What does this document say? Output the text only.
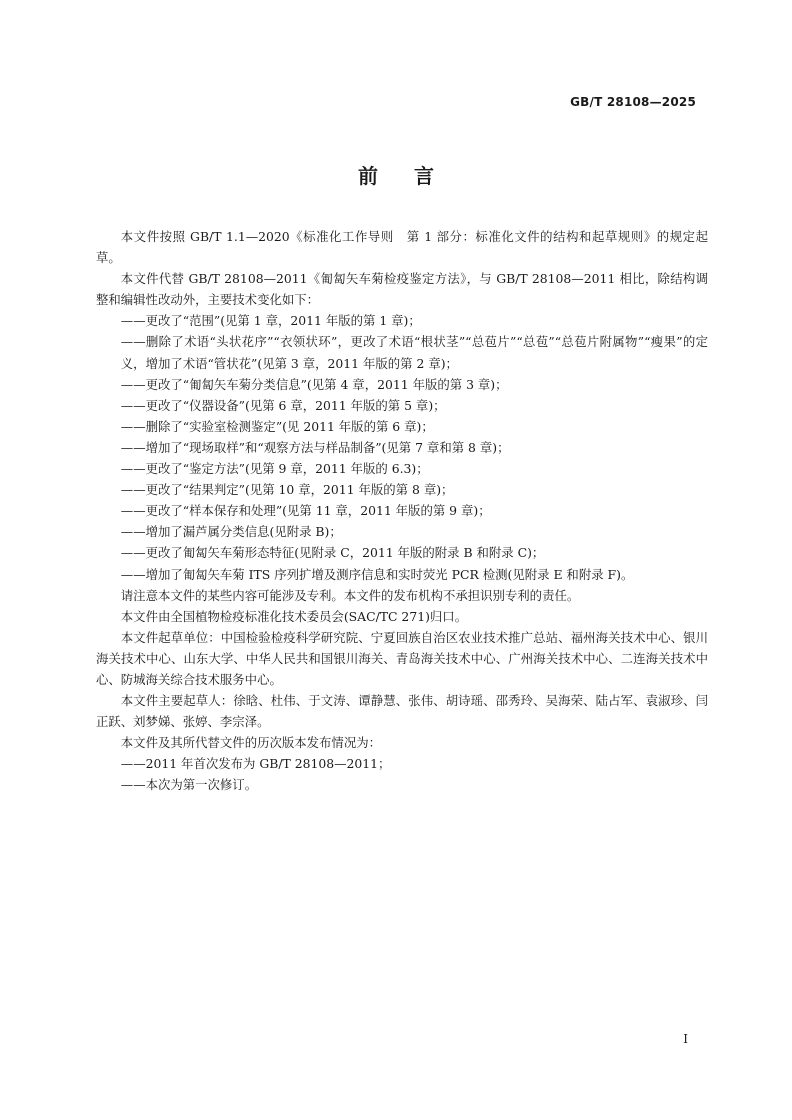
GB/T 28108—2025
前 言

本文件按照 GB/T 1.1—2020《标准化工作导则　第 1 部分：标准化文件的结构和起草规则》的规定起草。

本文件代替 GB/T 28108—2011《匍匐矢车菊检疫鉴定方法》，与 GB/T 28108—2011 相比，除结构调整和编辑性改动外，主要技术变化如下：

——更改了“范围”(见第 1 章，2011 年版的第 1 章)；

——删除了术语“头状花序”“衣领状环”，更改了术语“根状茎”“总苞片”“总苞”“总苞片附属物”“瘦果”的定义，增加了术语“管状花”(见第 3 章，2011 年版的第 2 章)；

——更改了“匍匐矢车菊分类信息”(见第 4 章，2011 年版的第 3 章)；

——更改了“仪器设备”(见第 6 章，2011 年版的第 5 章)；

——删除了“实验室检测鉴定”(见 2011 年版的第 6 章)；

——增加了“现场取样”和“观察方法与样品制备”(见第 7 章和第 8 章)；

——更改了“鉴定方法”(见第 9 章，2011 年版的 6.3)；

——更改了“结果判定”(见第 10 章，2011 年版的第 8 章)；

——更改了“样本保存和处理”(见第 11 章，2011 年版的第 9 章)；

——增加了漏芦属分类信息(见附录 B)；

——更改了匍匐矢车菊形态特征(见附录 C，2011 年版的附录 B 和附录 C)；

——增加了匍匐矢车菊 ITS 序列扩增及测序信息和实时荧光 PCR 检测(见附录 E 和附录 F)。

请注意本文件的某些内容可能涉及专利。本文件的发布机构不承担识别专利的责任。

本文件由全国植物检疫标准化技术委员会(SAC/TC 271)归口。

本文件起草单位：中国检验检疫科学研究院、宁夏回族自治区农业技术推广总站、福州海关技术中心、银川海关技术中心、山东大学、中华人民共和国银川海关、青岛海关技术中心、广州海关技术中心、二连海关技术中心、防城海关综合技术服务中心。

本文件主要起草人：徐晗、杜伟、于文涛、谭静慧、张伟、胡诗瑶、邵秀玲、吴海荣、陆占军、袁淑珍、闫正跃、刘梦娣、张婷、李宗泽。

本文件及其所代替文件的历次版本发布情况为：

——2011 年首次发布为 GB/T 28108—2011；

——本次为第一次修订。

I
